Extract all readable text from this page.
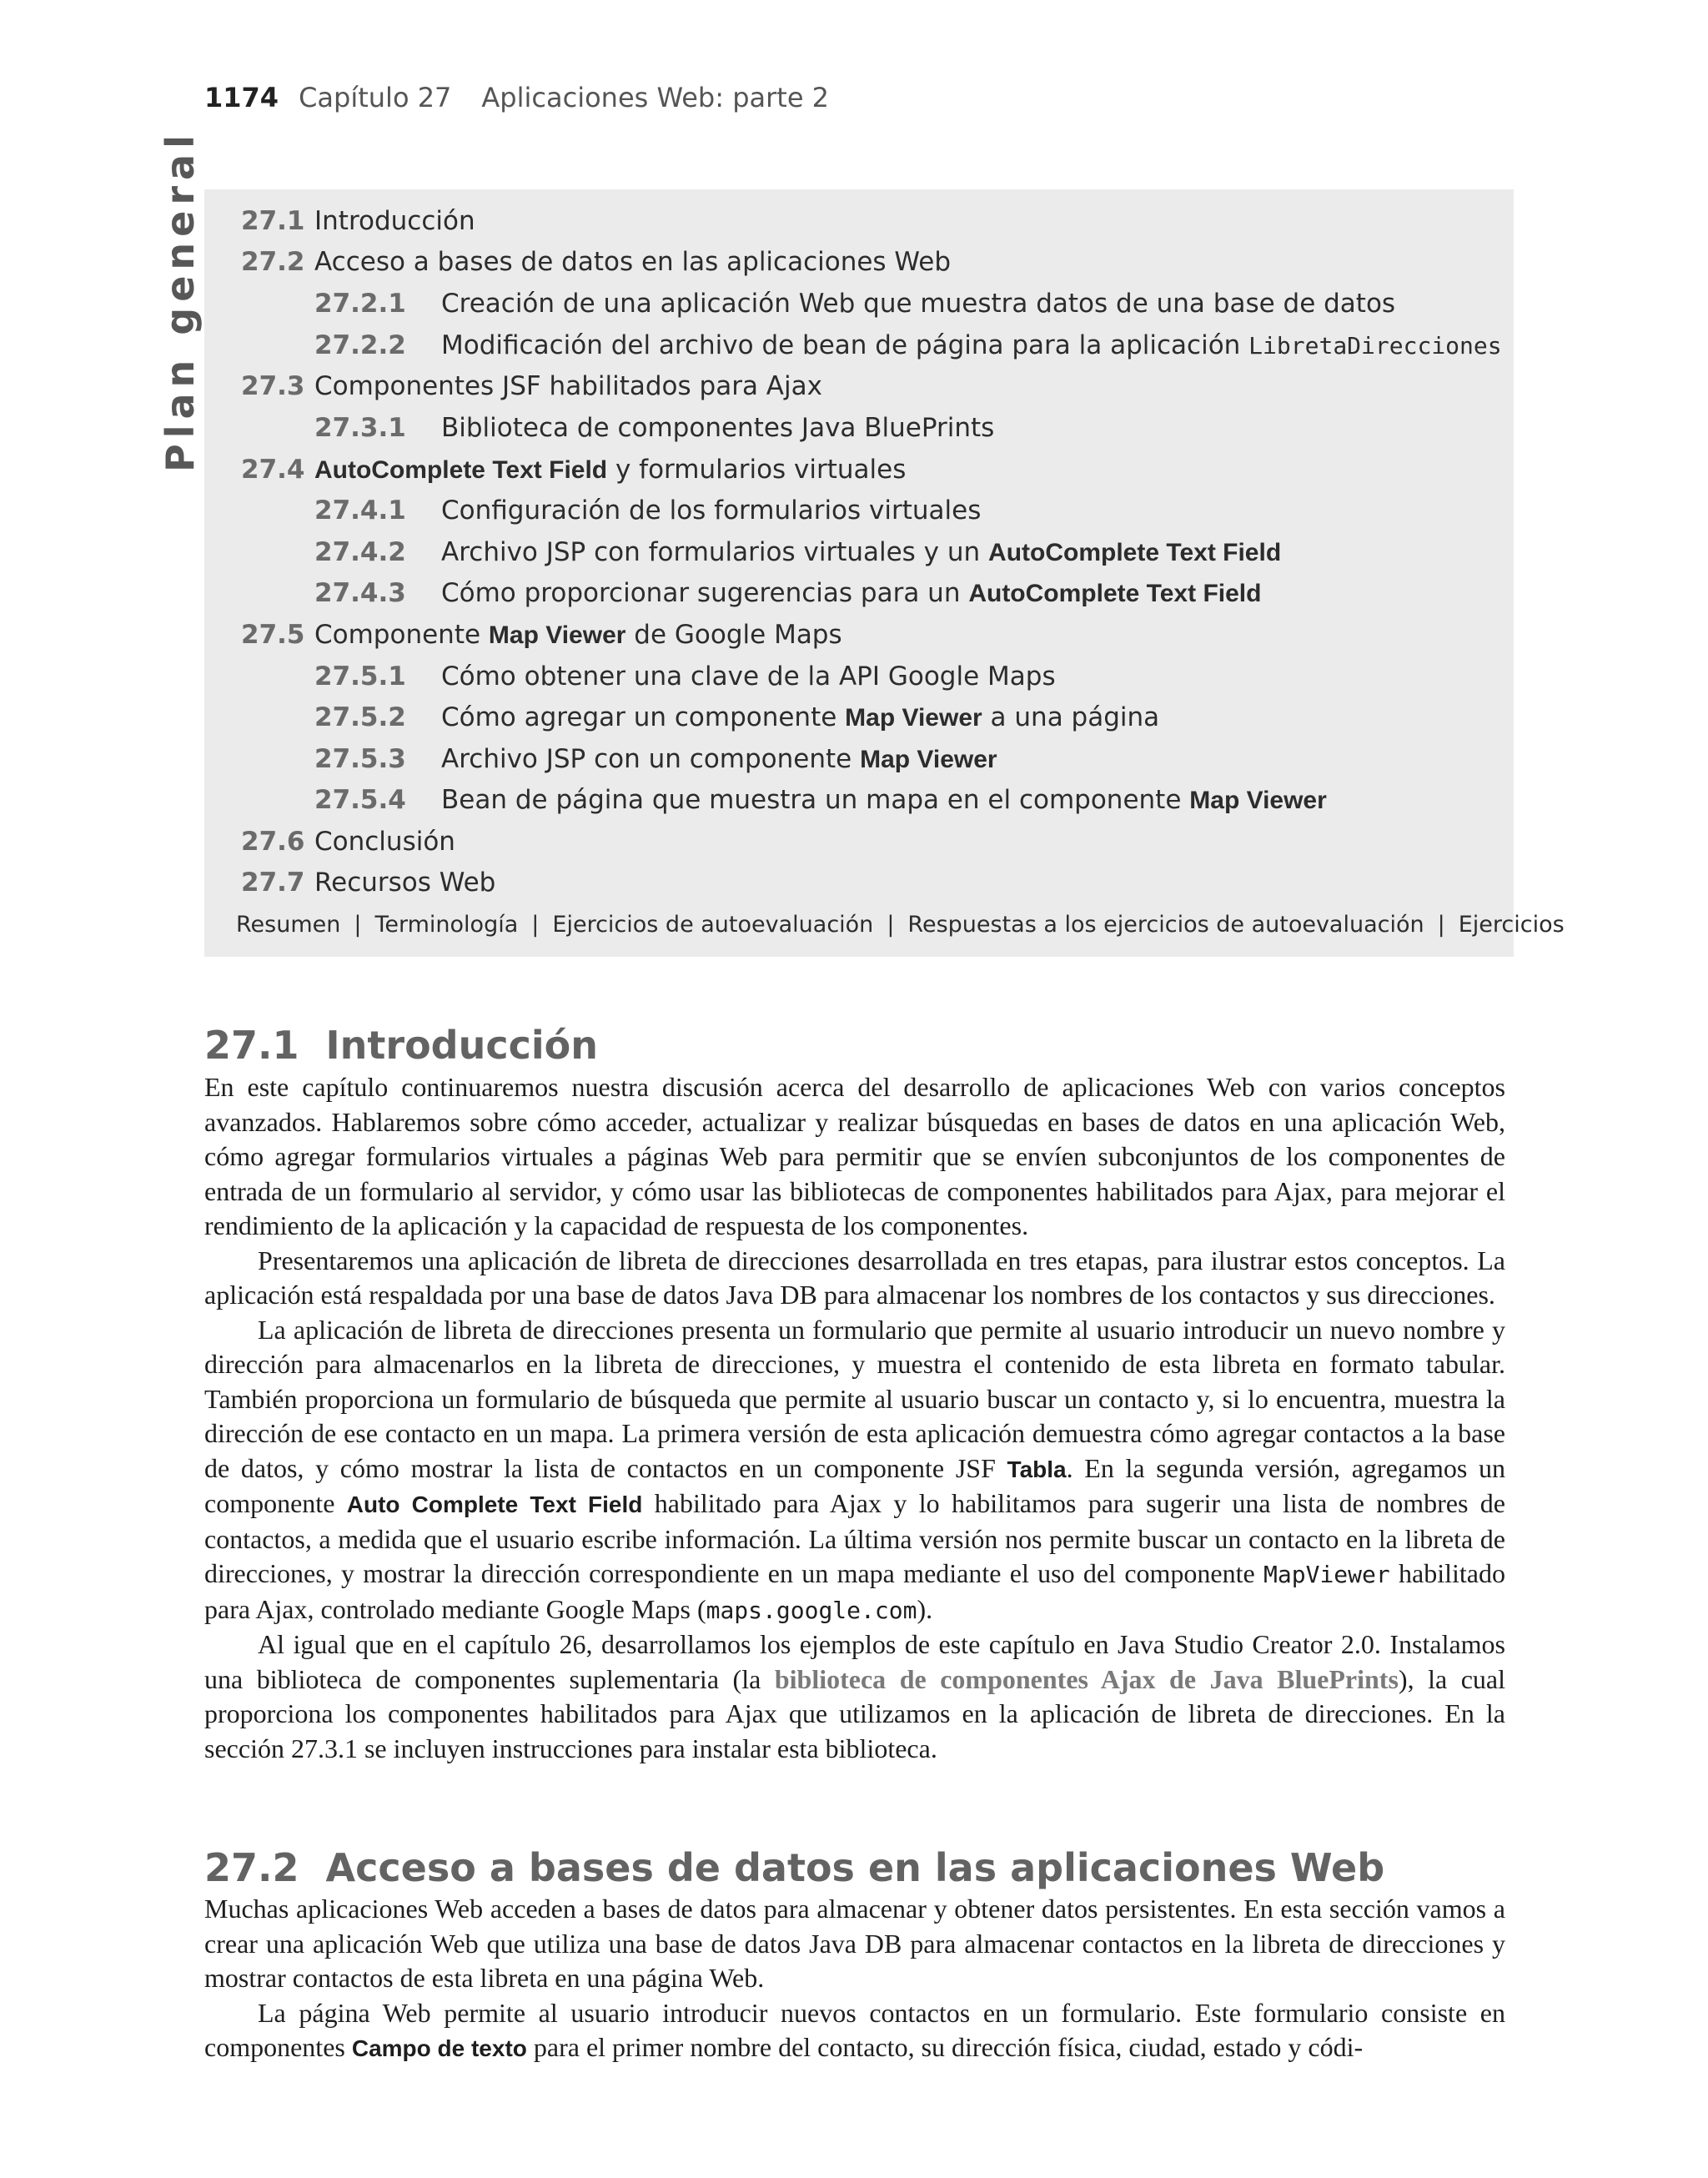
1174 Capítulo 27 Aplicaciones Web: parte 2
Plan general 27.1 Introducción
27.2 Acceso a bases de datos en las aplicaciones Web
27.2.1 Creación de una aplicación Web que muestra datos de una base de datos
27.2.2 Modificación del archivo de bean de página para la aplicación LibretaDirecciones
27.3 Componentes JSF habilitados para Ajax
27.3.1 Biblioteca de componentes Java BluePrints
27.4 AutoComplete Text Field y formularios virtuales
27.4.1 Configuración de los formularios virtuales
27.4.2 Archivo JSP con formularios virtuales y un AutoComplete Text Field
27.4.3 Cómo proporcionar sugerencias para un AutoComplete Text Field
27.5 Componente Map Viewer de Google Maps
27.5.1 Cómo obtener una clave de la API Google Maps
27.5.2 Cómo agregar un componente Map Viewer a una página
27.5.3 Archivo JSP con un componente Map Viewer
27.5.4 Bean de página que muestra un mapa en el componente Map Viewer
27.6 Conclusión
27.7 Recursos Web
Resumen | Terminología | Ejercicios de autoevaluación | Respuestas a los ejercicios de autoevaluación | Ejercicios
27.1 Introducción

En este capítulo continuaremos nuestra discusión acerca del desarrollo de aplicaciones Web con varios conceptos avanzados. Hablaremos sobre cómo acceder, actualizar y realizar búsquedas en bases de datos en una aplicación Web, cómo agregar formularios virtuales a páginas Web para permitir que se envíen subconjuntos de los componentes de entrada de un formulario al servidor, y cómo usar las bibliotecas de componentes habilitados para Ajax, para mejorar el rendimiento de la aplicación y la capacidad de respuesta de los componentes.

Presentaremos una aplicación de libreta de direcciones desarrollada en tres etapas, para ilustrar estos conceptos. La aplicación está respaldada por una base de datos Java DB para almacenar los nombres de los contactos y sus direcciones.

La aplicación de libreta de direcciones presenta un formulario que permite al usuario introducir un nuevo nombre y dirección para almacenarlos en la libreta de direcciones, y muestra el contenido de esta libreta en formato tabular. También proporciona un formulario de búsqueda que permite al usuario buscar un contacto y, si lo encuentra, muestra la dirección de ese contacto en un mapa. La primera versión de esta aplicación demuestra cómo agregar contactos a la base de datos, y cómo mostrar la lista de contactos en un componente JSF Tabla. En la segunda versión, agregamos un componente Auto Complete Text Field habilitado para Ajax y lo habilitamos para sugerir una lista de nombres de contactos, a medida que el usuario escribe información. La última versión nos permite buscar un contacto en la libreta de direcciones, y mostrar la dirección correspondiente en un mapa mediante el uso del componente MapViewer habilitado para Ajax, controlado mediante Google Maps (maps.google.com).

Al igual que en el capítulo 26, desarrollamos los ejemplos de este capítulo en Java Studio Creator 2.0. Instalamos una biblioteca de componentes suplementaria (la biblioteca de componentes Ajax de Java BluePrints), la cual proporciona los componentes habilitados para Ajax que utilizamos en la aplicación de libreta de direcciones. En la sección 27.3.1 se incluyen instrucciones para instalar esta biblioteca.

27.2 Acceso a bases de datos en las aplicaciones Web

Muchas aplicaciones Web acceden a bases de datos para almacenar y obtener datos persistentes. En esta sección vamos a crear una aplicación Web que utiliza una base de datos Java DB para almacenar contactos en la libreta de direcciones y mostrar contactos de esta libreta en una página Web.

La página Web permite al usuario introducir nuevos contactos en un formulario. Este formulario consiste en componentes Campo de texto para el primer nombre del contacto, su dirección física, ciudad, estado y códi-
